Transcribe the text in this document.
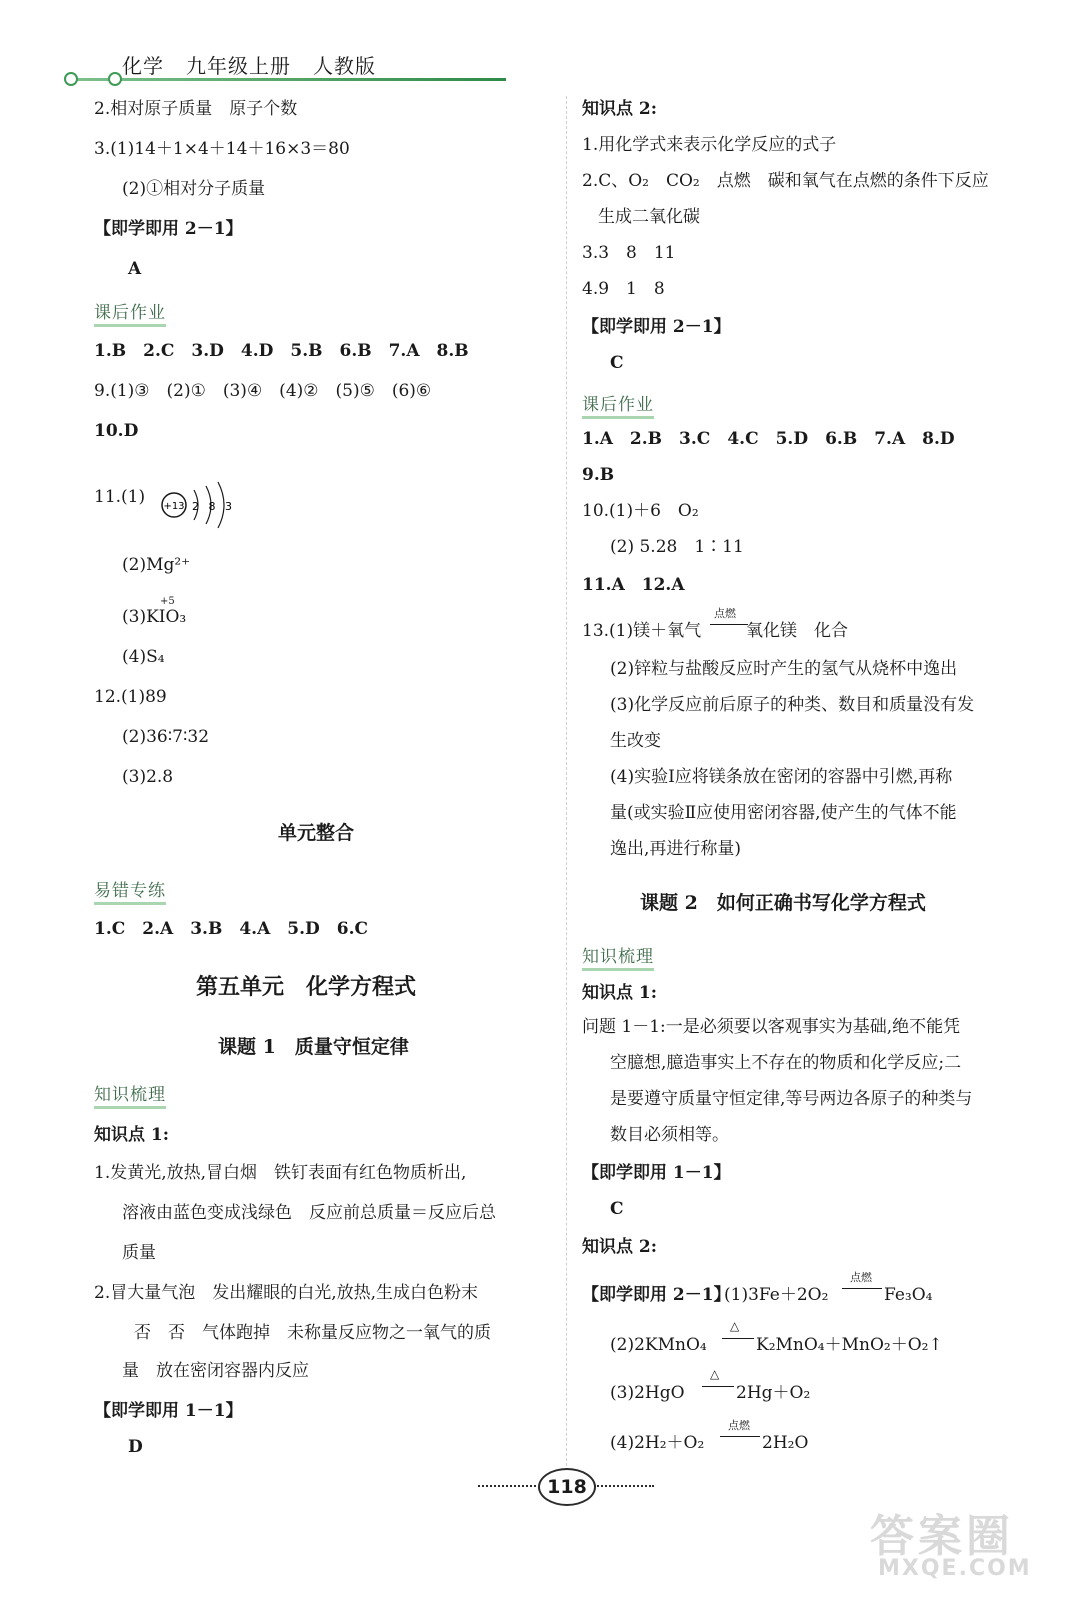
化学 九年级上册 人教版
2.相对原子质量　原子个数
3.(1)14＋1×4＋14＋16×3＝80
(2)①相对分子质量
【即学即用 2－1】
A
课后作业
1.B　2.C　3.D　4.D　5.B　6.B　7.A　8.B
9.(1)③　(2)①　(3)④　(4)②　(5)⑤　(6)⑥
10.D
11.(1) +13 2 8 3
(2)Mg²⁺
+5
(3)KIO₃
(4)S₄
12.(1)89
(2)36∶7∶32
(3)2.8
单元整合
易错专练
1.C　2.A　3.B　4.A　5.D　6.C
第五单元　化学方程式
课题 1　质量守恒定律
知识梳理
知识点 1:
1.发黄光,放热,冒白烟　铁钉表面有红色物质析出,
溶液由蓝色变成浅绿色　反应前总质量＝反应后总
质量
2.冒大量气泡　发出耀眼的白光,放热,生成白色粉末
否　否　气体跑掉　未称量反应物之一氧气的质
量　放在密闭容器内反应
【即学即用 1－1】
D
知识点 2:
1.用化学式来表示化学反应的式子
2.C、O₂　CO₂　点燃　碳和氧气在点燃的条件下反应
生成二氧化碳
3.3　8　11
4.9　1　8
【即学即用 2－1】
C
课后作业
1.A　2.B　3.C　4.C　5.D　6.B　7.A　8.D
9.B
10.(1)＋6　O₂
(2) 5.28　1∶11
11.A　12.A
13.(1)镁＋氧气
点燃
氧化镁　化合
(2)锌粒与盐酸反应时产生的氢气从烧杯中逸出
(3)化学反应前后原子的种类、数目和质量没有发
生改变
(4)实验Ⅰ应将镁条放在密闭的容器中引燃,再称
量(或实验Ⅱ应使用密闭容器,使产生的气体不能
逸出,再进行称量)
课题 2　如何正确书写化学方程式
知识梳理
知识点 1:
问题 1－1:一是必须要以客观事实为基础,绝不能凭
空臆想,臆造事实上不存在的物质和化学反应;二
是要遵守质量守恒定律,等号两边各原子的种类与
数目必须相等。
【即学即用 1－1】
C
知识点 2:
【即学即用 2－1】
(1)3Fe＋2O₂
点燃
Fe₃O₄
(2)2KMnO₄
△
K₂MnO₄＋MnO₂＋O₂↑
(3)2HgO
△
2Hg＋O₂
(4)2H₂＋O₂
点燃
2H₂O
118
答案圈
MXQE.COM
